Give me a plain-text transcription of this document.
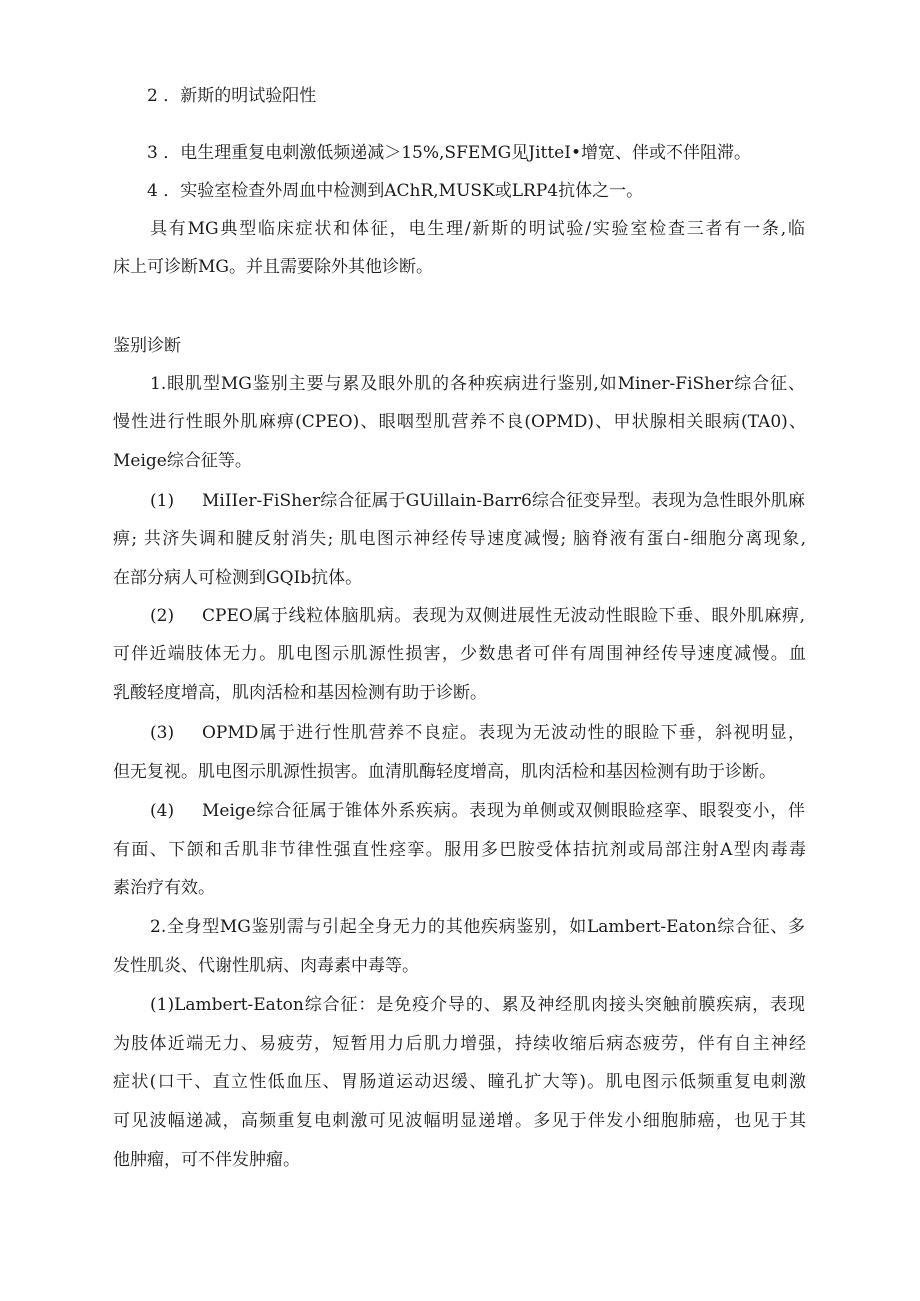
2 ．新斯的明试验阳性
3 ．电生理重复电刺激低频递减＞15%,SFEMG见JitteI•增宽、伴或不伴阻滞。
4 ．实验室检查外周血中检测到AChR,MUSK或LRP4抗体之一。
具有MG典型临床症状和体征，电生理/新斯的明试验/实验室检查三者有一条,临
床上可诊断MG。并且需要除外其他诊断。
鉴别诊断
1.眼肌型MG鉴别主要与累及眼外肌的各种疾病进行鉴别,如Miner-FiSher综合征、
慢性进行性眼外肌麻痹(CPEO)、眼咽型肌营养不良(OPMD)、甲状腺相关眼病(TA0)、
Meige综合征等。
(1) MiIIer-FiSher综合征属于GUillain-Barr6综合征变异型。表现为急性眼外肌麻
痹; 共济失调和腱反射消失; 肌电图示神经传导速度减慢; 脑脊液有蛋白-细胞分离现象,
在部分病人可检测到GQIb抗体。
(2) CPEO属于线粒体脑肌病。表现为双侧进展性无波动性眼睑下垂、眼外肌麻痹,
可伴近端肢体无力。肌电图示肌源性损害，少数患者可伴有周围神经传导速度减慢。血
乳酸轻度增高，肌肉活检和基因检测有助于诊断。
(3) OPMD属于进行性肌营养不良症。表现为无波动性的眼睑下垂，斜视明显，
但无复视。肌电图示肌源性损害。血清肌酶轻度增高，肌肉活检和基因检测有助于诊断。
(4) Meige综合征属于锥体外系疾病。表现为单侧或双侧眼睑痉挛、眼裂变小，伴
有面、下颌和舌肌非节律性强直性痉挛。服用多巴胺受体拮抗剂或局部注射A型肉毒毒
素治疗有效。
2.全身型MG鉴别需与引起全身无力的其他疾病鉴别，如Lambert-Eaton综合征、多
发性肌炎、代谢性肌病、肉毒素中毒等。
(1)Lambert-Eaton综合征：是免疫介导的、累及神经肌肉接头突触前膜疾病，表现
为肢体近端无力、易疲劳，短暂用力后肌力增强，持续收缩后病态疲劳，伴有自主神经
症状(口干、直立性低血压、胃肠道运动迟缓、瞳孔扩大等)。肌电图示低频重复电刺激
可见波幅递减，高频重复电刺激可见波幅明显递增。多见于伴发小细胞肺癌，也见于其
他肿瘤，可不伴发肿瘤。
